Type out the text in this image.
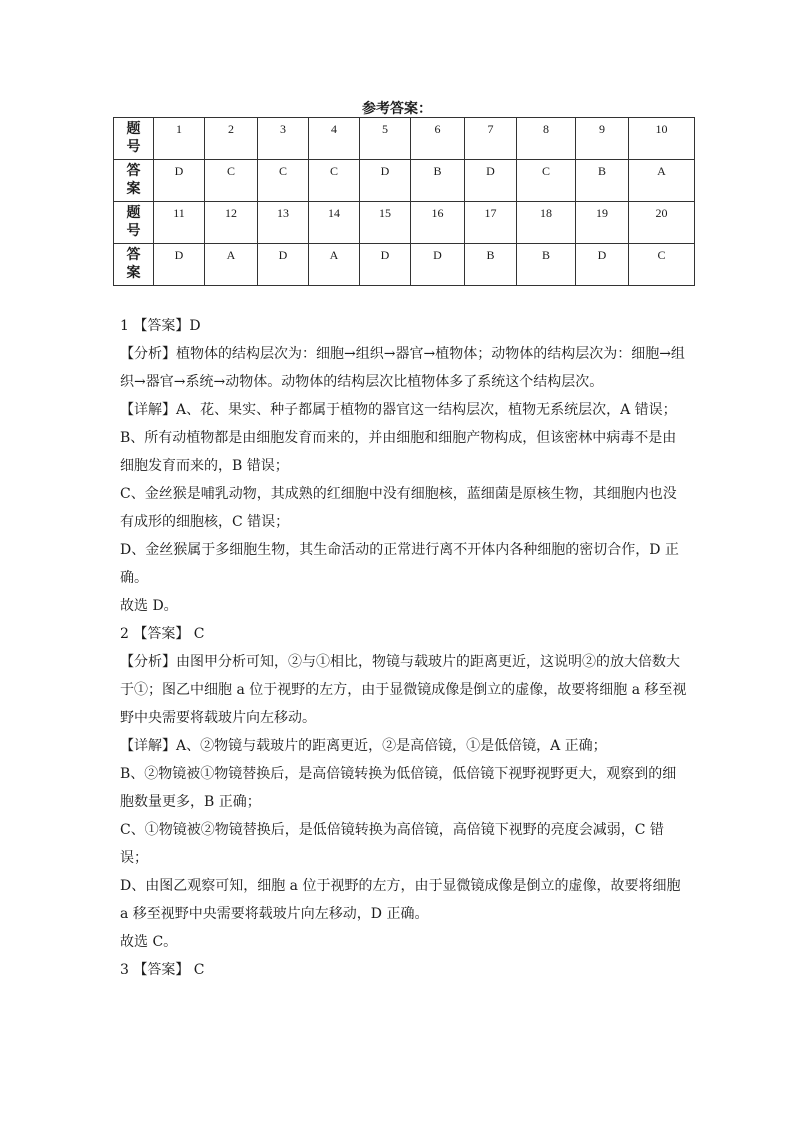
参考答案：
题
号	1	2	3	4	5	6	7	8	9	10

答
案	D	C	C	C	D	B	D	C	B	A

题
号	11	12	13	14	15	16	17	18	19	20

答
案	D	A	D	A	D	D	B	B	D	C

1 【答案】D

【分析】植物体的结构层次为：细胞→组织→器官→植物体；动物体的结构层次为：细胞→组织→器官→系统→动物体。动物体的结构层次比植物体多了系统这个结构层次。

【详解】A、花、果实、种子都属于植物的器官这一结构层次，植物无系统层次，A 错误；

B、所有动植物都是由细胞发育而来的，并由细胞和细胞产物构成，但该密林中病毒不是由细胞发育而来的，B 错误；

C、金丝猴是哺乳动物，其成熟的红细胞中没有细胞核，蓝细菌是原核生物，其细胞内也没有成形的细胞核，C 错误；

D、金丝猴属于多细胞生物，其生命活动的正常进行离不开体内各种细胞的密切合作，D 正确。

故选 D。

2 【答案】 C

【分析】由图甲分析可知，②与①相比，物镜与载玻片的距离更近，这说明②的放大倍数大于①；图乙中细胞 a 位于视野的左方，由于显微镜成像是倒立的虚像，故要将细胞 a 移至视野中央需要将载玻片向左移动。

【详解】A、②物镜与载玻片的距离更近，②是高倍镜，①是低倍镜，A 正确；

B、②物镜被①物镜替换后，是高倍镜转换为低倍镜，低倍镜下视野视野更大，观察到的细胞数量更多，B 正确；

C、①物镜被②物镜替换后，是低倍镜转换为高倍镜，高倍镜下视野的亮度会减弱，C 错误；

D、由图乙观察可知，细胞 a 位于视野的左方，由于显微镜成像是倒立的虚像，故要将细胞 a 移至视野中央需要将载玻片向左移动，D 正确。

故选 C。

3 【答案】 C
